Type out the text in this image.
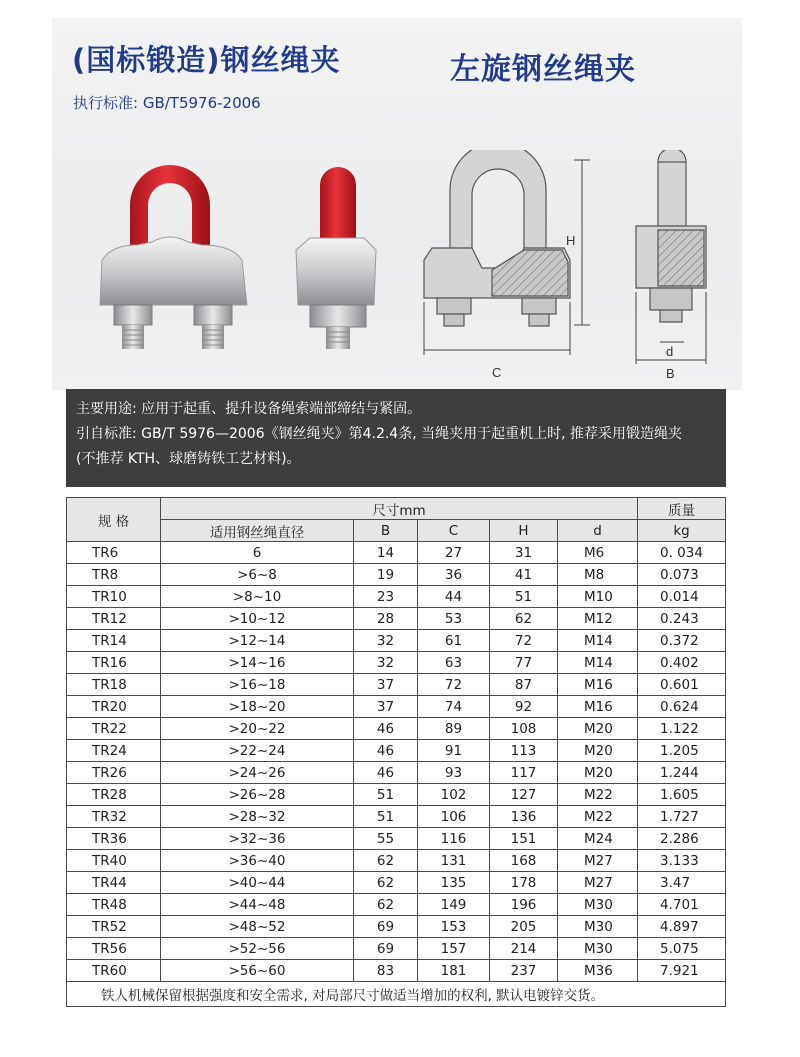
(国标锻造)钢丝绳夹	左旋钢丝绳夹
执行标准: GB/T5976-2006
H
C
d
B
主要用途: 应用于起重、提升设备绳索端部缔结与紧固。
引自标准: GB/T 5976—2006《钢丝绳夹》第4.2.4条, 当绳夹用于起重机上时, 推荐采用锻造绳夹
(不推荐 KTH、球磨铸铁工艺材料)。
规 格	尺寸mm					质量
	适用钢丝绳直径	B	C	H	d	kg
TR6	6	14	27	31	M6	0. 034
TR8	>6~8	19	36	41	M8	0.073
TR10	>8~10	23	44	51	M10	0.014
TR12	>10~12	28	53	62	M12	0.243
TR14	>12~14	32	61	72	M14	0.372
TR16	>14~16	32	63	77	M14	0.402
TR18	>16~18	37	72	87	M16	0.601
TR20	>18~20	37	74	92	M16	0.624
TR22	>20~22	46	89	108	M20	1.122
TR24	>22~24	46	91	113	M20	1.205
TR26	>24~26	46	93	117	M20	1.244
TR28	>26~28	51	102	127	M22	1.605
TR32	>28~32	51	106	136	M22	1.727
TR36	>32~36	55	116	151	M24	2.286
TR40	>36~40	62	131	168	M27	3.133
TR44	>40~44	62	135	178	M27	3.47
TR48	>44~48	62	149	196	M30	4.701
TR52	>48~52	69	153	205	M30	4.897
TR56	>52~56	69	157	214	M30	5.075
TR60	>56~60	83	181	237	M36	7.921
铁人机械保留根据强度和安全需求, 对局部尺寸做适当增加的权利, 默认电镀锌交货。						
